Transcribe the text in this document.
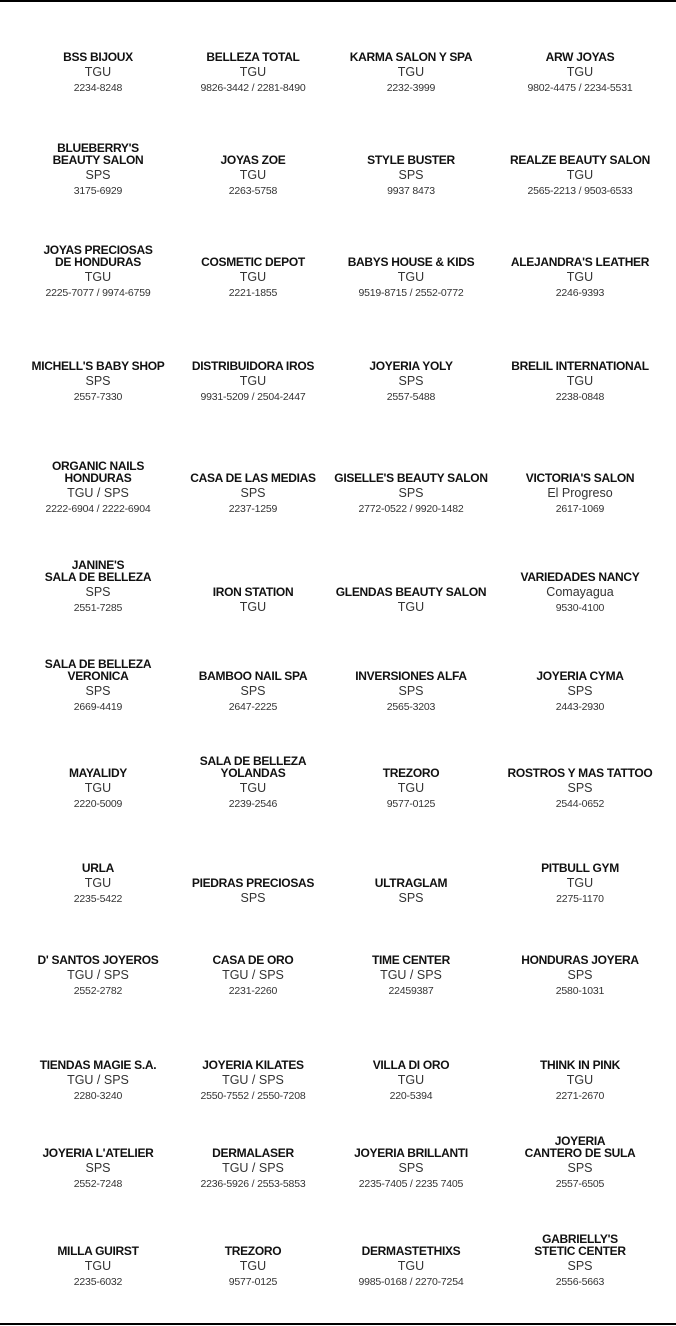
BSS BIJOUX
TGU
2234-8248
BELLEZA TOTAL
TGU
9826-3442 / 2281-8490
KARMA SALON Y SPA
TGU
2232-3999
ARW JOYAS
TGU
9802-4475 / 2234-5531
BLUEBERRY'S
BEAUTY SALON
SPS
3175-6929
JOYAS ZOE
TGU
2263-5758
STYLE BUSTER
SPS
9937 8473
REALZE BEAUTY SALON
TGU
2565-2213 / 9503-6533
JOYAS PRECIOSAS
DE HONDURAS
TGU
2225-7077 / 9974-6759
COSMETIC DEPOT
TGU
2221-1855
BABYS HOUSE & KIDS
TGU
9519-8715 / 2552-0772
ALEJANDRA'S LEATHER
TGU
2246-9393
MICHELL'S BABY SHOP
SPS
2557-7330
DISTRIBUIDORA IROS
TGU
9931-5209 / 2504-2447
JOYERIA YOLY
SPS
2557-5488
BRELIL INTERNATIONAL
TGU
2238-0848
ORGANIC NAILS
HONDURAS
TGU / SPS
2222-6904 / 2222-6904
CASA DE LAS MEDIAS
SPS
2237-1259
GISELLE'S BEAUTY SALON
SPS
2772-0522 / 9920-1482
VICTORIA'S SALON
El Progreso
2617-1069
JANINE'S
SALA DE BELLEZA
SPS
2551-7285
IRON STATION
TGU
GLENDAS BEAUTY SALON
TGU
VARIEDADES NANCY
Comayagua
9530-4100
SALA DE BELLEZA
VERONICA
SPS
2669-4419
BAMBOO NAIL SPA
SPS
2647-2225
INVERSIONES ALFA
SPS
2565-3203
JOYERIA CYMA
SPS
2443-2930
MAYALIDY
TGU
2220-5009
SALA DE BELLEZA
YOLANDAS
TGU
2239-2546
TREZORO
TGU
9577-0125
ROSTROS Y MAS TATTOO
SPS
2544-0652
URLA
TGU
2235-5422
PIEDRAS PRECIOSAS
SPS
ULTRAGLAM
SPS
PITBULL GYM
TGU
2275-1170
D' SANTOS JOYEROS
TGU / SPS
2552-2782
CASA DE ORO
TGU / SPS
2231-2260
TIME CENTER
TGU / SPS
22459387
HONDURAS JOYERA
SPS
2580-1031
TIENDAS MAGIE S.A.
TGU / SPS
2280-3240
JOYERIA KILATES
TGU / SPS
2550-7552 / 2550-7208
VILLA DI ORO
TGU
220-5394
THINK IN PINK
TGU
2271-2670
JOYERIA L'ATELIER
SPS
2552-7248
DERMALASER
TGU / SPS
2236-5926 / 2553-5853
JOYERIA BRILLANTI
SPS
2235-7405 / 2235 7405
JOYERIA
CANTERO DE SULA
SPS
2557-6505
MILLA GUIRST
TGU
2235-6032
TREZORO
TGU
9577-0125
DERMASTETHIXS
TGU
9985-0168 / 2270-7254
GABRIELLY'S
STETIC CENTER
SPS
2556-5663
